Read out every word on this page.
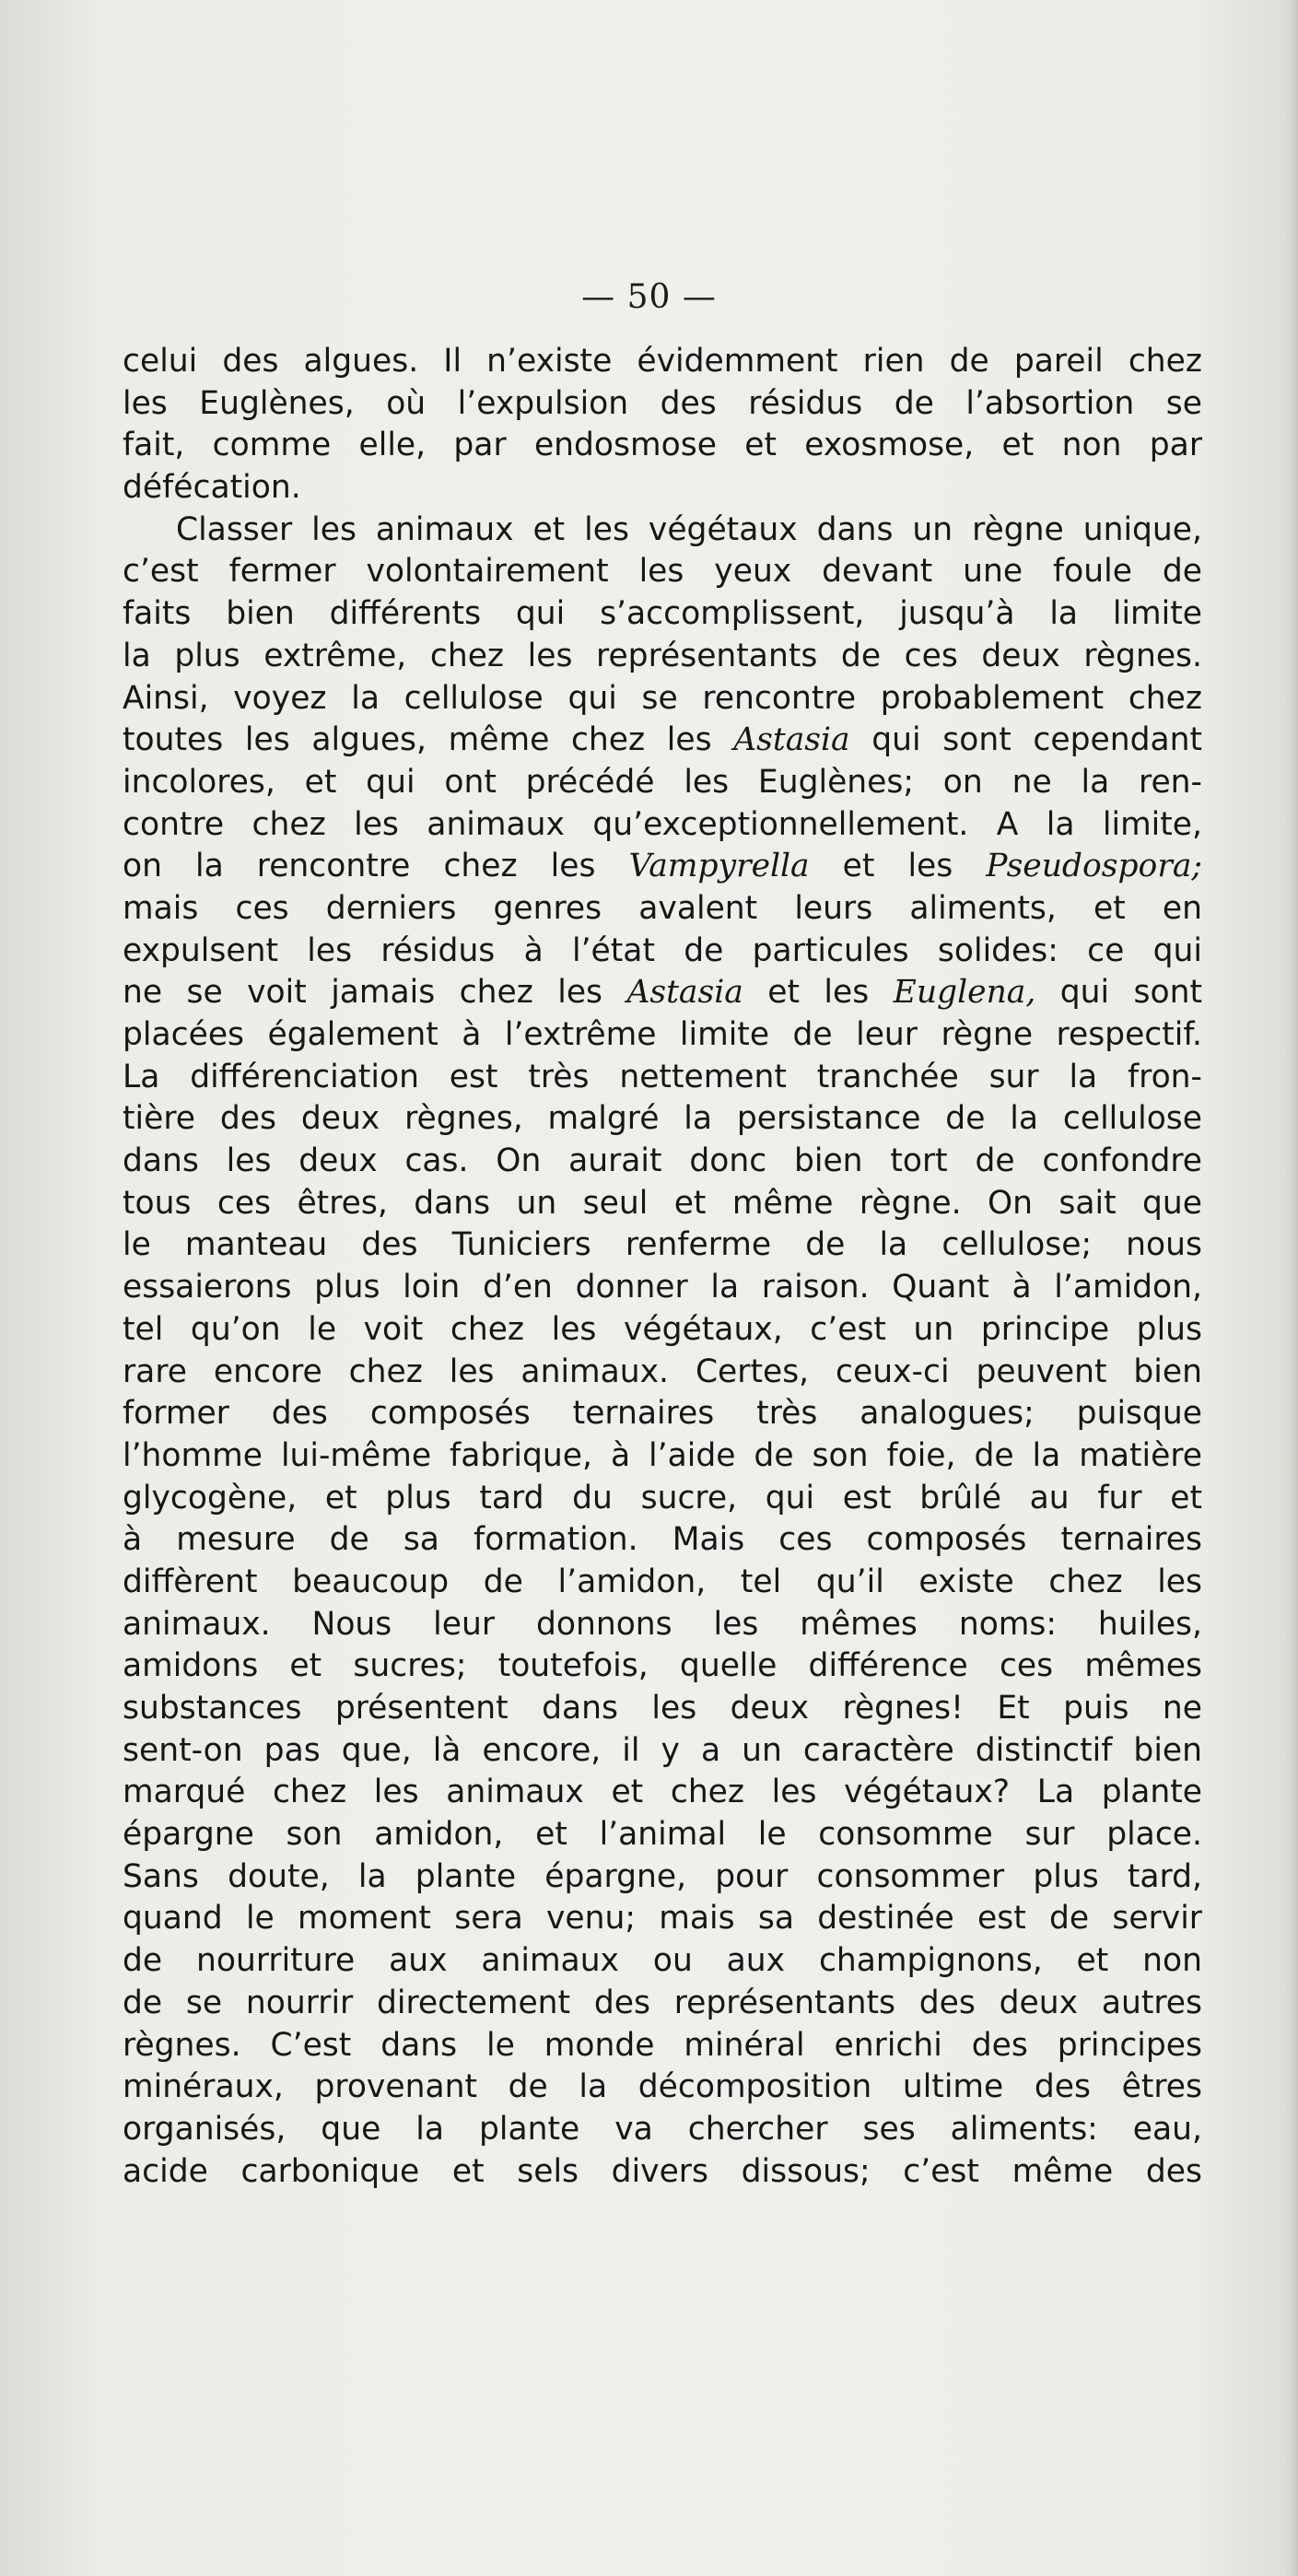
— 50 —
celui des algues. Il n’existe évidemment rien de pareil chez
les Euglènes, où l’expulsion des résidus de l’absortion se
fait, comme elle, par endosmose et exosmose, et non par
défécation.
Classer les animaux et les végétaux dans un règne unique,
c’est fermer volontairement les yeux devant une foule de
faits bien différents qui s’accomplissent, jusqu’à la limite
la plus extrême, chez les représentants de ces deux règnes.
Ainsi, voyez la cellulose qui se rencontre probablement chez
toutes les algues, même chez les Astasia qui sont cependant
incolores, et qui ont précédé les Euglènes; on ne la ren-
contre chez les animaux qu’exceptionnellement. A la limite,
on la rencontre chez les Vampyrella et les Pseudospora;
mais ces derniers genres avalent leurs aliments, et en
expulsent les résidus à l’état de particules solides: ce qui
ne se voit jamais chez les Astasia et les Euglena, qui sont
placées également à l’extrême limite de leur règne respectif.
La différenciation est très nettement tranchée sur la fron-
tière des deux règnes, malgré la persistance de la cellulose
dans les deux cas. On aurait donc bien tort de confondre
tous ces êtres, dans un seul et même règne. On sait que
le manteau des Tuniciers renferme de la cellulose; nous
essaierons plus loin d’en donner la raison. Quant à l’amidon,
tel qu’on le voit chez les végétaux, c’est un principe plus
rare encore chez les animaux. Certes, ceux-ci peuvent bien
former des composés ternaires très analogues; puisque
l’homme lui-même fabrique, à l’aide de son foie, de la matière
glycogène, et plus tard du sucre, qui est brûlé au fur et
à mesure de sa formation. Mais ces composés ternaires
diffèrent beaucoup de l’amidon, tel qu’il existe chez les
animaux. Nous leur donnons les mêmes noms: huiles,
amidons et sucres; toutefois, quelle différence ces mêmes
substances présentent dans les deux règnes! Et puis ne
sent-on pas que, là encore, il y a un caractère distinctif bien
marqué chez les animaux et chez les végétaux? La plante
épargne son amidon, et l’animal le consomme sur place.
Sans doute, la plante épargne, pour consommer plus tard,
quand le moment sera venu; mais sa destinée est de servir
de nourriture aux animaux ou aux champignons, et non
de se nourrir directement des représentants des deux autres
règnes. C’est dans le monde minéral enrichi des principes
minéraux, provenant de la décomposition ultime des êtres
organisés, que la plante va chercher ses aliments: eau,
acide carbonique et sels divers dissous; c’est même des
